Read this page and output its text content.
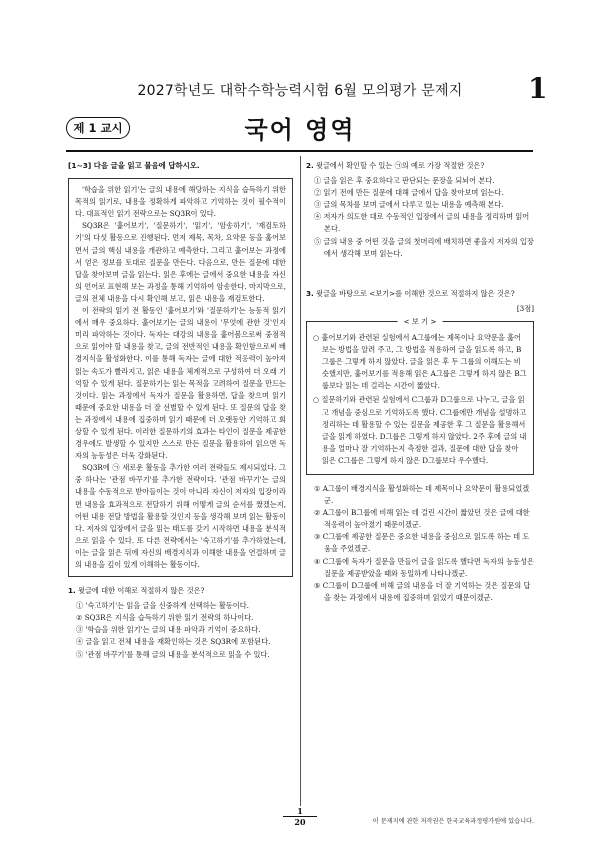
2027학년도 대학수학능력시험 6월 모의평가 문제지	1
제 1 교시	국어 영역
[1~3] 다음 글을 읽고 물음에 답하시오.

'학습을 위한 읽기'는 글의 내용에 해당하는 지식을 습득하기 위한 목적의 읽기로, 내용을 정확하게 파악하고 기억하는 것이 필수적이다. 대표적인 읽기 전략으로는 SQ3R이 있다.

SQ3R은 '훑어보기', '질문하기', '읽기', '암송하기', '재검토하기'의 다섯 활동으로 진행된다. 먼저 제목, 목차, 요약문 등을 훑어보면서 글의 핵심 내용을 개관하고 예측한다. 그리고 훑어보는 과정에서 얻은 정보를 토대로 질문을 만든다. 다음으로, 만든 질문에 대한 답을 찾아보며 글을 읽는다. 읽은 후에는 글에서 중요한 내용을 자신의 언어로 표현해 보는 과정을 통해 기억하여 암송한다. 마지막으로, 글의 전체 내용을 다시 확인해 보고, 읽은 내용을 재검토한다.

이 전략의 읽기 전 활동인 '훑어보기'와 '질문하기'는 능동적 읽기에서 매우 중요하다. 훑어보기는 글의 내용이 '무엇에 관한 것'인지 미리 파악하는 것이다. 독자는 대강의 내용을 훑어봄으로써 중점적으로 읽어야 할 내용을 찾고, 글의 전반적인 내용을 확인함으로써 배경지식을 활성화한다. 이를 통해 독자는 글에 대한 적응력이 높아져 읽는 속도가 빨라지고, 읽은 내용을 체계적으로 구성하여 더 오래 기억할 수 있게 된다. 질문하기는 읽는 목적을 고려하여 질문을 만드는 것이다. 읽는 과정에서 독자가 질문을 활용하면, 답을 찾으며 읽기 때문에 중요한 내용을 더 잘 선별할 수 있게 된다. 또 질문의 답을 찾는 과정에서 내용에 집중하며 읽기 때문에 더 오랫동안 기억하고 회상할 수 있게 된다. 이러한 질문하기의 효과는 타인이 질문을 제공한 경우에도 발생할 수 있지만 스스로 만든 질문을 활용하여 읽으면 독자의 능동성은 더욱 강화된다.

SQ3R에 ㉠ 새로운 활동을 추가한 여러 전략들도 제시되었다. 그중 하나는 '관점 바꾸기'를 추가한 전략이다. '관점 바꾸기'는 글의 내용을 수동적으로 받아들이는 것이 아니라 자신이 저자의 입장이라면 내용을 효과적으로 전달하기 위해 어떻게 글의 순서를 짰겠는지, 어떤 내용 전달 방법을 활용할 것인지 등을 생각해 보며 읽는 활동이다. 저자의 입장에서 글을 읽는 태도를 갖기 시작하면 내용을 분석적으로 읽을 수 있다. 또 다른 전략에서는 '숙고하기'를 추가하였는데, 이는 글을 읽은 뒤에 자신의 배경지식과 이해한 내용을 연결하며 글의 내용을 깊이 있게 이해하는 활동이다.

1. 윗글에 대한 이해로 적절하지 않은 것은?

① '숙고하기'는 읽을 글을 신중하게 선택하는 활동이다.
② SQ3R은 지식을 습득하기 위한 읽기 전략의 하나이다.
③ '학습을 위한 읽기'는 글의 내용 파악과 기억이 중요하다.
④ 글을 읽고 전체 내용을 재확인하는 것은 SQ3R에 포함된다.
⑤ '관점 바꾸기'를 통해 글의 내용을 분석적으로 읽을 수 있다.

2. 윗글에서 확인할 수 있는 ㉠의 예로 가장 적절한 것은?

① 글을 읽은 후 중요하다고 판단되는 문장을 되뇌어 본다.
② 읽기 전에 만든 질문에 대해 글에서 답을 찾아보며 읽는다.
③ 글의 목차를 보며 글에서 다루고 있는 내용을 예측해 본다.
④ 저자가 의도한 대로 수동적인 입장에서 글의 내용을 정리하며 읽어 본다.
⑤ 글의 내용 중 어떤 것을 글의 첫머리에 배치하면 좋을지 저자의 입장에서 생각해 보며 읽는다.

3. 윗글을 바탕으로 <보기>를 이해한 것으로 적절하지 않은 것은?

[3점]

< 보 기 >

○ 훑어보기와 관련된 실험에서 A그룹에는 제목이나 요약문을 훑어보는 방법을 알려 주고, 그 방법을 적용하여 글을 읽도록 하고, B그룹은 그렇게 하지 않았다. 글을 읽은 후 두 그룹의 이해도는 비슷했지만, 훑어보기를 적용해 읽은 A그룹은 그렇게 하지 않은 B그룹보다 읽는 데 걸리는 시간이 짧았다.

○ 질문하기와 관련된 실험에서 C그룹과 D그룹으로 나누고, 글을 읽고 개념을 중심으로 기억하도록 했다. C그룹에만 개념을 설명하고 정리하는 데 활용할 수 있는 질문을 제공한 후 그 질문을 활용해서 글을 읽게 하였다. D그룹은 그렇게 하지 않았다. 2주 후에 글의 내용을 얼마나 잘 기억하는지 측정한 결과, 질문에 대한 답을 찾아 읽은 C그룹은 그렇게 하지 않은 D그룹보다 우수했다.

① A그룹이 배경지식을 활성화하는 데 제목이나 요약문이 활용되었겠군.
② A그룹이 B그룹에 비해 읽는 데 걸린 시간이 짧았던 것은 글에 대한 적응력이 높아졌기 때문이겠군.
③ C그룹에 제공한 질문은 중요한 내용을 중심으로 읽도록 하는 데 도움을 주었겠군.
④ C그룹에 독자가 질문을 만들어 글을 읽도록 했다면 독자의 능동성은 질문을 제공받았을 때와 동일하게 나타나겠군.
⑤ C그룹이 D그룹에 비해 글의 내용을 더 잘 기억하는 것은 질문의 답을 찾는 과정에서 내용에 집중하며 읽었기 때문이겠군.
1
20	이 문제지에 관한 저작권은 한국교육과정평가원에 있습니다.
